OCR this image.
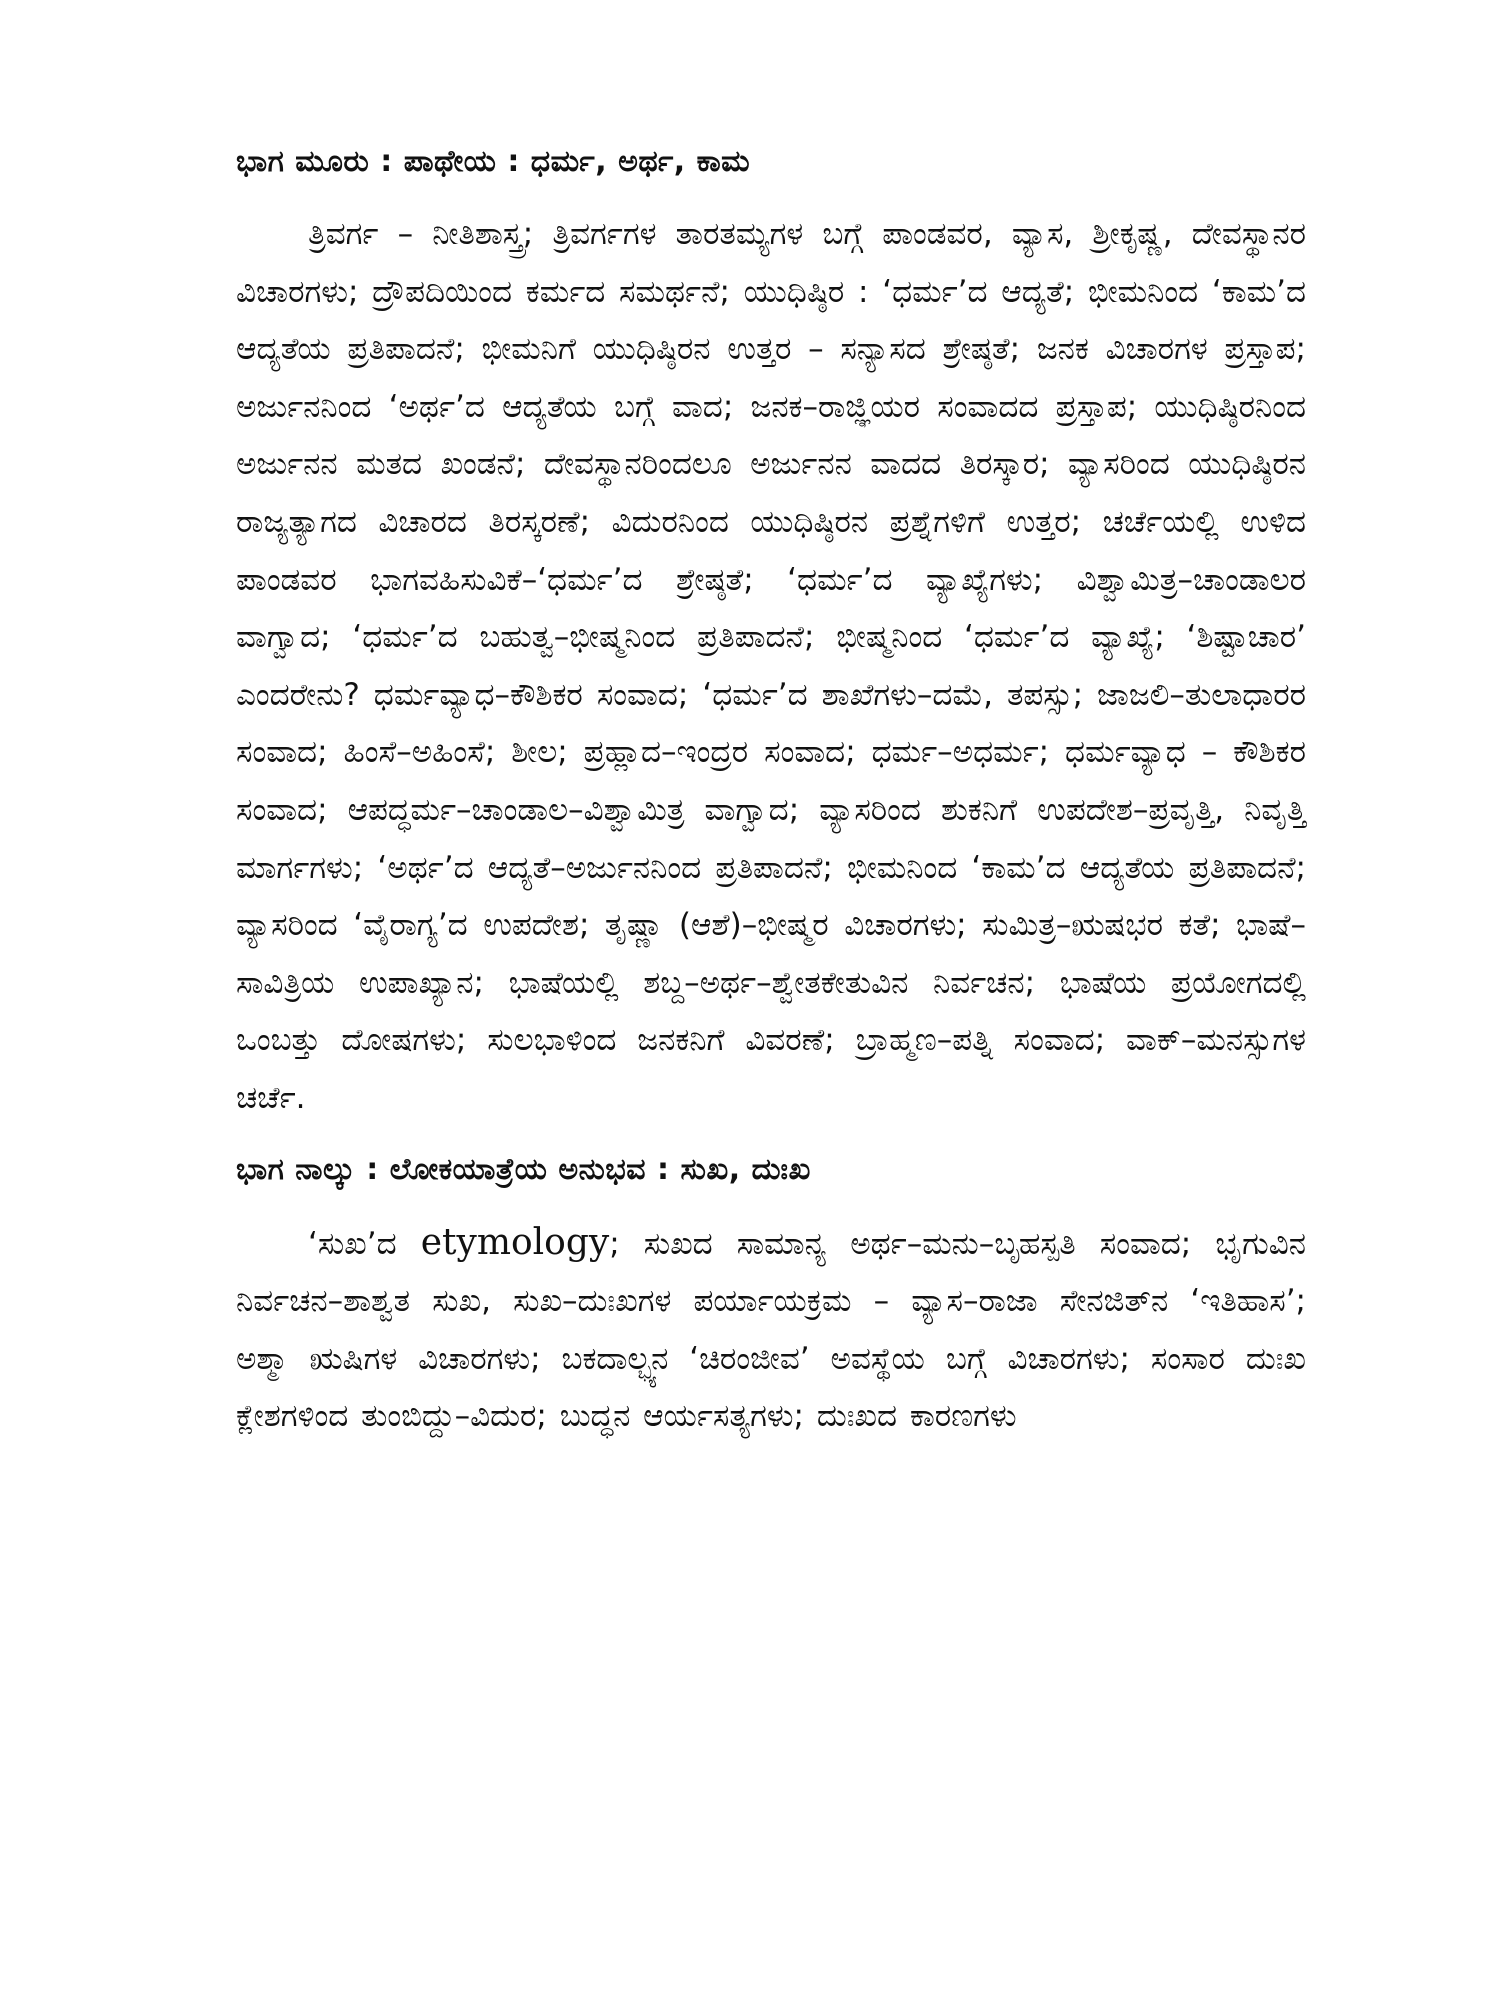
ಭಾಗ ಮೂರು : ಪಾಥೇಯ : ಧರ್ಮ, ಅರ್ಥ, ಕಾಮ

ತ್ರಿವರ್ಗ – ನೀತಿಶಾಸ್ತ್ರ; ತ್ರಿವರ್ಗಗಳ ತಾರತಮ್ಯಗಳ ಬಗ್ಗೆ ಪಾಂಡವರ, ವ್ಯಾಸ, ಶ್ರೀಕೃಷ್ಣ, ದೇವಸ್ಥಾನರ ವಿಚಾರಗಳು; ದ್ರೌಪದಿಯಿಂದ ಕರ್ಮದ ಸಮರ್ಥನೆ; ಯುಧಿಷ್ಠಿರ : ‘ಧರ್ಮ’ದ ಆದ್ಯತೆ; ಭೀಮನಿಂದ ‘ಕಾಮ’ದ ಆದ್ಯತೆಯ ಪ್ರತಿಪಾದನೆ; ಭೀಮನಿಗೆ ಯುಧಿಷ್ಠಿರನ ಉತ್ತರ – ಸನ್ಯಾಸದ ಶ್ರೇಷ್ಠತೆ; ಜನಕ ವಿಚಾರಗಳ ಪ್ರಸ್ತಾಪ; ಅರ್ಜುನನಿಂದ ‘ಅರ್ಥ’ದ ಆದ್ಯತೆಯ ಬಗ್ಗೆ ವಾದ; ಜನಕ–ರಾಜ್ಞಿಯರ ಸಂವಾದದ ಪ್ರಸ್ತಾಪ; ಯುಧಿಷ್ಠಿರನಿಂದ ಅರ್ಜುನನ ಮತದ ಖಂಡನೆ; ದೇವಸ್ಥಾನರಿಂದಲೂ ಅರ್ಜುನನ ವಾದದ ತಿರಸ್ಕಾರ; ವ್ಯಾಸರಿಂದ ಯುಧಿಷ್ಠಿರನ ರಾಜ್ಯತ್ಯಾಗದ ವಿಚಾರದ ತಿರಸ್ಕರಣೆ; ವಿದುರನಿಂದ ಯುಧಿಷ್ಠಿರನ ಪ್ರಶ್ನೆಗಳಿಗೆ ಉತ್ತರ; ಚರ್ಚೆಯಲ್ಲಿ ಉಳಿದ ಪಾಂಡವರ ಭಾಗವಹಿಸುವಿಕೆ–‘ಧರ್ಮ’ದ ಶ್ರೇಷ್ಠತೆ; ‘ಧರ್ಮ’ದ ವ್ಯಾಖ್ಯೆಗಳು; ವಿಶ್ವಾಮಿತ್ರ–ಚಾಂಡಾಲರ ವಾಗ್ವಾದ; ‘ಧರ್ಮ’ದ ಬಹುತ್ವ–ಭೀಷ್ಮನಿಂದ ಪ್ರತಿಪಾದನೆ; ಭೀಷ್ಮನಿಂದ ‘ಧರ್ಮ’ದ ವ್ಯಾಖ್ಯೆ; ‘ಶಿಷ್ಟಾಚಾರ’ ಎಂದರೇನು? ಧರ್ಮವ್ಯಾಧ–ಕೌಶಿಕರ ಸಂವಾದ; ‘ಧರ್ಮ’ದ ಶಾಖೆಗಳು–ದಮೆ, ತಪಸ್ಸು; ಜಾಜಲಿ–ತುಲಾಧಾರರ ಸಂವಾದ; ಹಿಂಸೆ–ಅಹಿಂಸೆ; ಶೀಲ; ಪ್ರಹ್ಲಾದ–ಇಂದ್ರರ ಸಂವಾದ; ಧರ್ಮ–ಅಧರ್ಮ; ಧರ್ಮವ್ಯಾಧ – ಕೌಶಿಕರ ಸಂವಾದ; ಆಪದ್ಧರ್ಮ–ಚಾಂಡಾಲ–ವಿಶ್ವಾಮಿತ್ರ ವಾಗ್ವಾದ; ವ್ಯಾಸರಿಂದ ಶುಕನಿಗೆ ಉಪದೇಶ–ಪ್ರವೃತ್ತಿ, ನಿವೃತ್ತಿ ಮಾರ್ಗಗಳು; ‘ಅರ್ಥ’ದ ಆದ್ಯತೆ–ಅರ್ಜುನನಿಂದ ಪ್ರತಿಪಾದನೆ; ಭೀಮನಿಂದ ‘ಕಾಮ’ದ ಆದ್ಯತೆಯ ಪ್ರತಿಪಾದನೆ; ವ್ಯಾಸರಿಂದ ‘ವೈರಾಗ್ಯ’ದ ಉಪದೇಶ; ತೃಷ್ಣಾ (ಆಶೆ)–ಭೀಷ್ಮರ ವಿಚಾರಗಳು; ಸುಮಿತ್ರ–ಋಷಭರ ಕತೆ; ಭಾಷೆ–ಸಾವಿತ್ರಿಯ ಉಪಾಖ್ಯಾನ; ಭಾಷೆಯಲ್ಲಿ ಶಬ್ದ–ಅರ್ಥ–ಶ್ವೇತಕೇತುವಿನ ನಿರ್ವಚನ; ಭಾಷೆಯ ಪ್ರಯೋಗದಲ್ಲಿ ಒಂಬತ್ತು ದೋಷಗಳು; ಸುಲಭಾಳಿಂದ ಜನಕನಿಗೆ ವಿವರಣೆ; ಬ್ರಾಹ್ಮಣ–ಪತ್ನಿ ಸಂವಾದ; ವಾಕ್–ಮನಸ್ಸುಗಳ ಚರ್ಚೆ.

ಭಾಗ ನಾಲ್ಕು : ಲೋಕಯಾತ್ರೆಯ ಅನುಭವ : ಸುಖ, ದುಃಖ

‘ಸುಖ’ದ etymology; ಸುಖದ ಸಾಮಾನ್ಯ ಅರ್ಥ–ಮನು–ಬೃಹಸ್ಪತಿ ಸಂವಾದ; ಭೃಗುವಿನ ನಿರ್ವಚನ–ಶಾಶ್ವತ ಸುಖ, ಸುಖ–ದುಃಖಗಳ ಪರ್ಯಾಯಕ್ರಮ – ವ್ಯಾಸ–ರಾಜಾ ಸೇನಜಿತ್‌ನ ‘ಇತಿಹಾಸ’; ಅಶ್ಮಾ ಋಷಿಗಳ ವಿಚಾರಗಳು; ಬಕದಾಲ್ಭ್ಯನ ‘ಚಿರಂಜೀವ’ ಅವಸ್ಥೆಯ ಬಗ್ಗೆ ವಿಚಾರಗಳು; ಸಂಸಾರ ದುಃಖ ಕ್ಲೇಶಗಳಿಂದ ತುಂಬಿದ್ದು–ವಿದುರ; ಬುದ್ಧನ ಆರ್ಯಸತ್ಯಗಳು; ದುಃಖದ ಕಾರಣಗಳು
